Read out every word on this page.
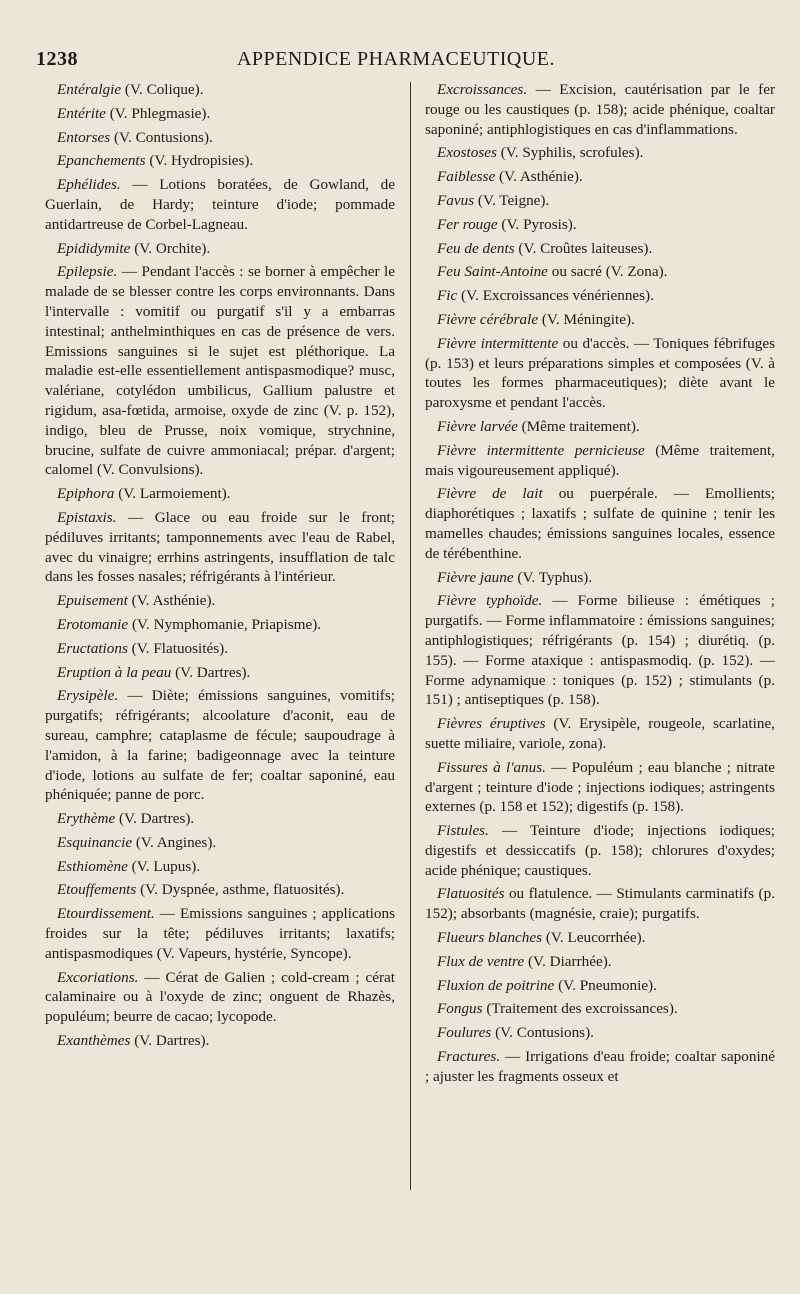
1238	APPENDICE PHARMACEUTIQUE.

Entéralgie (V. Colique).

Entérite (V. Phlegmasie).

Entorses (V. Contusions).

Epanchements (V. Hydropisies).

Ephélides. — Lotions boratées, de Gowland, de Guerlain, de Hardy; teinture d'iode; pommade antidartreuse de Corbel-Lagneau.

Epididymite (V. Orchite).

Epilepsie. — Pendant l'accès : se borner à empêcher le malade de se blesser contre les corps environnants. Dans l'intervalle : vomitif ou purgatif s'il y a embarras intestinal; anthelminthiques en cas de présence de vers. Emissions sanguines si le sujet est pléthorique. La maladie est-elle essentiellement antispasmodique? musc, valériane, cotylédon umbilicus, Gallium palustre et rigidum, asa-fœtida, armoise, oxyde de zinc (V. p. 152), indigo, bleu de Prusse, noix vomique, strychnine, brucine, sulfate de cuivre ammoniacal; prépar. d'argent; calomel (V. Convulsions).

Epiphora (V. Larmoiement).

Epistaxis. — Glace ou eau froide sur le front; pédiluves irritants; tamponnements avec l'eau de Rabel, avec du vinaigre; errhins astringents, insufflation de talc dans les fosses nasales; réfrigérants à l'intérieur.

Epuisement (V. Asthénie).

Erotomanie (V. Nymphomanie, Priapisme).

Eructations (V. Flatuosités).

Eruption à la peau (V. Dartres).

Erysipèle. — Diète; émissions sanguines, vomitifs; purgatifs; réfrigérants; alcoolature d'aconit, eau de sureau, camphre; cataplasme de fécule; saupoudrage à l'amidon, à la farine; badigeonnage avec la teinture d'iode, lotions au sulfate de fer; coaltar saponiné, eau phéniquée; panne de porc.

Erythème (V. Dartres).

Esquinancie (V. Angines).

Esthiomène (V. Lupus).

Etouffements (V. Dyspnée, asthme, flatuosités).

Etourdissement. — Emissions sanguines ; applications froides sur la tête; pédiluves irritants; laxatifs; antispasmodiques (V. Vapeurs, hystérie, Syncope).

Excoriations. — Cérat de Galien ; cold-cream ; cérat calaminaire ou à l'oxyde de zinc; onguent de Rhazès, populéum; beurre de cacao; lycopode.

Exanthèmes (V. Dartres).

Excroissances. — Excision, cautérisation par le fer rouge ou les caustiques (p. 158); acide phénique, coaltar saponiné; antiphlogistiques en cas d'inflammations.

Exostoses (V. Syphilis, scrofules).

Faiblesse (V. Asthénie).

Favus (V. Teigne).

Fer rouge (V. Pyrosis).

Feu de dents (V. Croûtes laiteuses).

Feu Saint-Antoine ou sacré (V. Zona).

Fic (V. Excroissances vénériennes).

Fièvre cérébrale (V. Méningite).

Fièvre intermittente ou d'accès. — Toniques fébrifuges (p. 153) et leurs préparations simples et composées (V. à toutes les formes pharmaceutiques); diète avant le paroxysme et pendant l'accès.

Fièvre larvée (Même traitement).

Fièvre intermittente pernicieuse (Même traitement, mais vigoureusement appliqué).

Fièvre de lait ou puerpérale. — Emollients; diaphorétiques ; laxatifs ; sulfate de quinine ; tenir les mamelles chaudes; émissions sanguines locales, essence de térébenthine.

Fièvre jaune (V. Typhus).

Fièvre typhoïde. — Forme bilieuse : émétiques ; purgatifs. — Forme inflammatoire : émissions sanguines; antiphlogistiques; réfrigérants (p. 154) ; diurétiq. (p. 155). — Forme ataxique : antispasmodiq. (p. 152). — Forme adynamique : toniques (p. 152) ; stimulants (p. 151) ; antiseptiques (p. 158).

Fièvres éruptives (V. Erysipèle, rougeole, scarlatine, suette miliaire, variole, zona).

Fissures à l'anus. — Populéum ; eau blanche ; nitrate d'argent ; teinture d'iode ; injections iodiques; astringents externes (p. 158 et 152); digestifs (p. 158).

Fistules. — Teinture d'iode; injections iodiques; digestifs et dessiccatifs (p. 158); chlorures d'oxydes; acide phénique; caustiques.

Flatuosités ou flatulence. — Stimulants carminatifs (p. 152); absorbants (magnésie, craie); purgatifs.

Flueurs blanches (V. Leucorrhée).

Flux de ventre (V. Diarrhée).

Fluxion de poitrine (V. Pneumonie).

Fongus (Traitement des excroissances).

Foulures (V. Contusions).

Fractures. — Irrigations d'eau froide; coaltar saponiné ; ajuster les fragments osseux et
